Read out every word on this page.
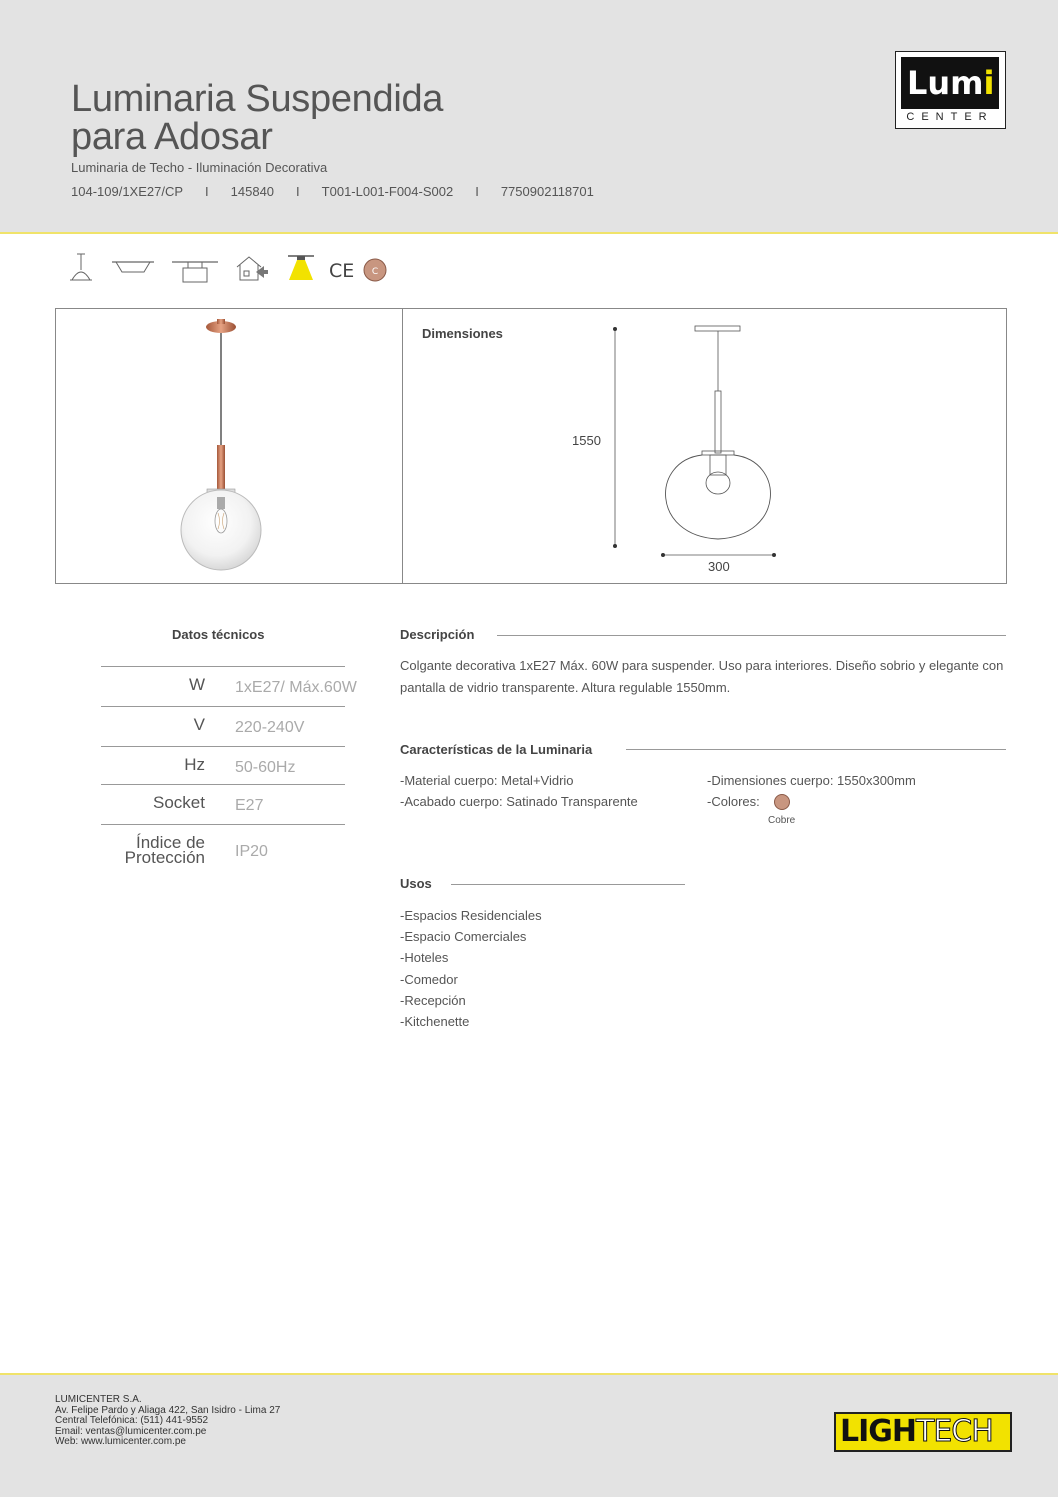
Luminaria Suspendida
para Adosar
Luminaria de Techo - Iluminación Decorativa
104-109/1XE27/CP I 145840 I T001-L001-F004-S002 I 7750902118701
Lumi
CENTER
CE C
Dimensiones
1550
300
Datos técnicos
W 1xE27/ Máx.60W
V 220-240V
Hz 50-60Hz
Socket E27
Índice de
Protección IP20
Descripción
Colgante decorativa 1xE27 Máx. 60W para suspender. Uso para interiores. Diseño sobrio y elegante con pantalla de vidrio transparente. Altura regulable 1550mm.
Características de la Luminaria
-Material cuerpo: Metal+Vidrio
-Acabado cuerpo: Satinado Transparente
-Dimensiones cuerpo: 1550x300mm
-Colores:
Cobre
Usos
-Espacios Residenciales
-Espacio Comerciales
-Hoteles
-Comedor
-Recepción
-Kitchenette
LUMICENTER S.A.
Av. Felipe Pardo y Aliaga 422, San Isidro - Lima 27
Central Telefónica: (511) 441-9552
Email: ventas@lumicenter.com.pe
Web: www.lumicenter.com.pe	LIGHTECH
